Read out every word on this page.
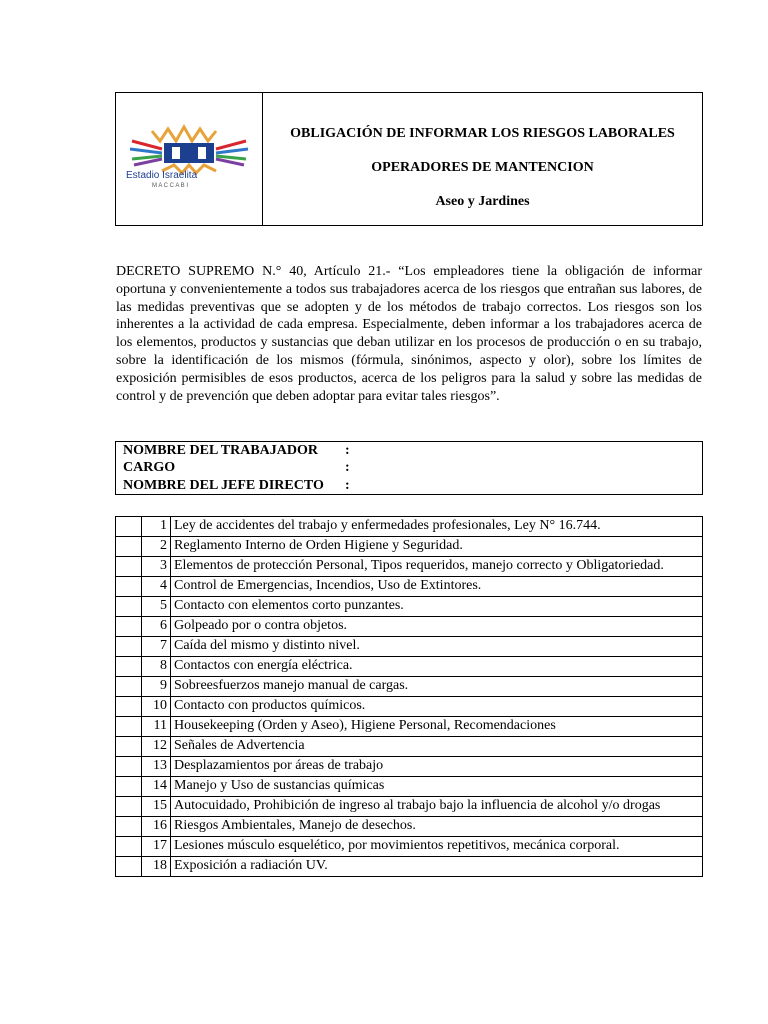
Estadio Israelita
M A C C A B I
OBLIGACIÓN DE INFORMAR LOS RIESGOS LABORALES
OPERADORES DE MANTENCION
Aseo y Jardines
DECRETO SUPREMO N.° 40, Artículo 21.- “Los empleadores tiene la obligación de informar oportuna y convenientemente a todos sus trabajadores acerca de los riesgos que entrañan sus labores, de las medidas preventivas que se adopten y de los métodos de trabajo correctos. Los riesgos son los inherentes a la actividad de cada empresa. Especialmente, deben informar a los trabajadores acerca de los elementos, productos y sustancias que deban utilizar en los procesos de producción o en su trabajo, sobre la identificación de los mismos (fórmula, sinónimos, aspecto y olor), sobre los límites de exposición permisibles de esos productos, acerca de los peligros para la salud y sobre las medidas de control y de prevención que deben adoptar para evitar tales riesgos”.
NOMBRE DEL TRABAJADOR :
CARGO	:
NOMBRE DEL JEFE DIRECTO :
	1	Ley de accidentes del trabajo y enfermedades profesionales, Ley N° 16.744.
	2	Reglamento Interno de Orden Higiene y Seguridad.
	3	Elementos de protección Personal, Tipos requeridos, manejo correcto y Obligatoriedad.
	4	Control de Emergencias, Incendios, Uso de Extintores.
	5	Contacto con elementos corto punzantes.
	6	Golpeado por o contra objetos.
	7	Caída del mismo y distinto nivel.
	8	Contactos con energía eléctrica.
	9	Sobreesfuerzos manejo manual de cargas.
	10	Contacto con productos químicos.
	11	Housekeeping (Orden y Aseo), Higiene Personal, Recomendaciones
	12	Señales de Advertencia
	13	Desplazamientos por áreas de trabajo
	14	Manejo y Uso de sustancias químicas
	15	Autocuidado, Prohibición de ingreso al trabajo bajo la influencia de alcohol y/o drogas
	16	Riesgos Ambientales, Manejo de desechos.
	17	Lesiones músculo esquelético, por movimientos repetitivos, mecánica corporal.
	18	Exposición a radiación UV.
